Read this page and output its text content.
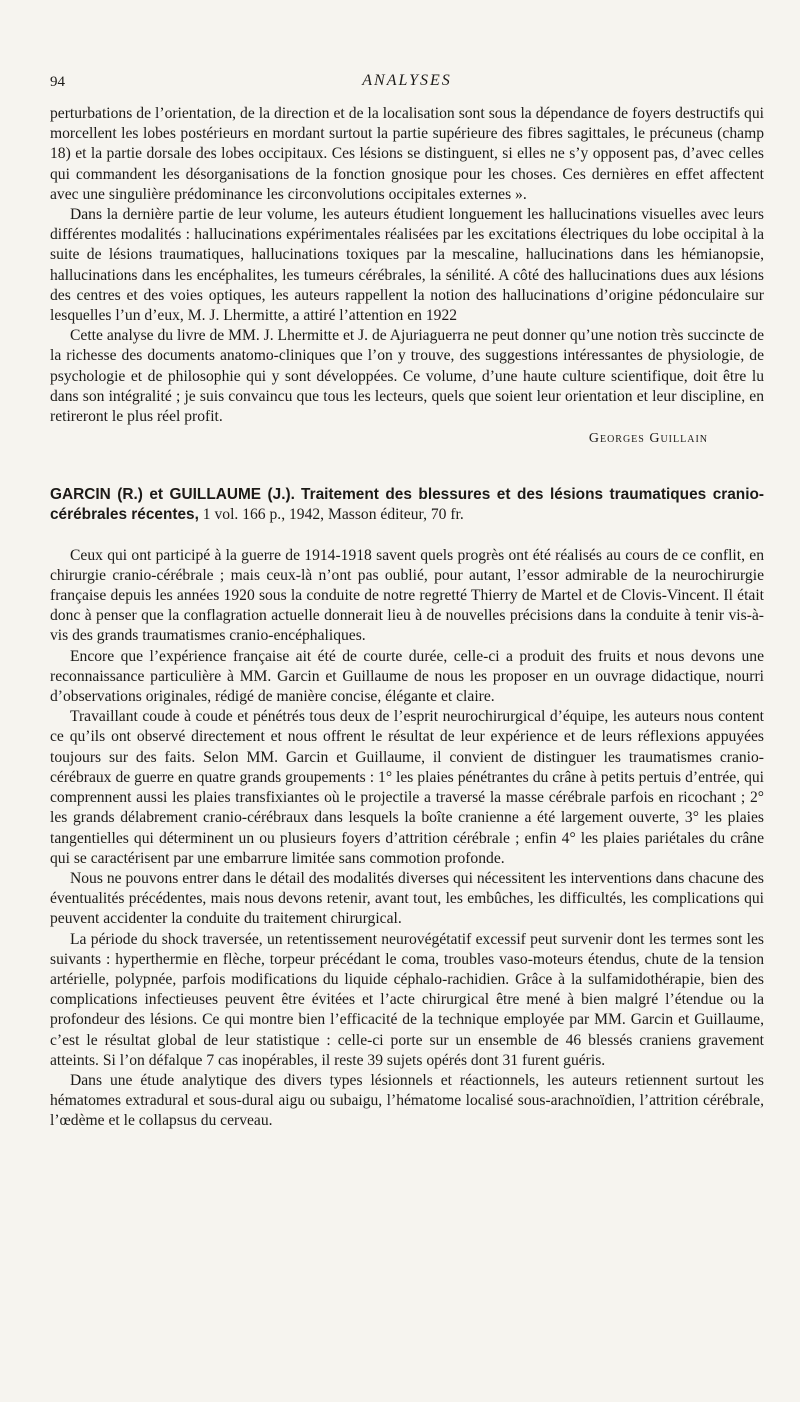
94	ANALYSES

perturbations de l’orientation, de la direction et de la localisation sont sous la dépendance de foyers destructifs qui morcellent les lobes postérieurs en mordant surtout la partie supérieure des fibres sagittales, le précuneus (champ 18) et la partie dorsale des lobes occipitaux. Ces lésions se distinguent, si elles ne s’y opposent pas, d’avec celles qui commandent les désorganisations de la fonction gnosique pour les choses. Ces dernières en effet affectent avec une singulière prédominance les circonvolutions occipitales externes ».

Dans la dernière partie de leur volume, les auteurs étudient longuement les hallucinations visuelles avec leurs différentes modalités : hallucinations expérimentales réalisées par les excitations électriques du lobe occipital à la suite de lésions traumatiques, hallucinations toxiques par la mescaline, hallucinations dans les hémianopsie, hallucinations dans les encéphalites, les tumeurs cérébrales, la sénilité. A côté des hallucinations dues aux lésions des centres et des voies optiques, les auteurs rappellent la notion des hallucinations d’origine pédonculaire sur lesquelles l’un d’eux, M. J. Lhermitte, a attiré l’attention en 1922

Cette analyse du livre de MM. J. Lhermitte et J. de Ajuriaguerra ne peut donner qu’une notion très succincte de la richesse des documents anatomo-cliniques que l’on y trouve, des suggestions intéressantes de physiologie, de psychologie et de philosophie qui y sont développées. Ce volume, d’une haute culture scientifique, doit être lu dans son intégralité ; je suis convaincu que tous les lecteurs, quels que soient leur orientation et leur discipline, en retireront le plus réel profit.

Georges Guillain

GARCIN (R.) et GUILLAUME (J.). Traitement des blessures et des lésions traumatiques cranio-cérébrales récentes, 1 vol. 166 p., 1942, Masson éditeur, 70 fr.

Ceux qui ont participé à la guerre de 1914-1918 savent quels progrès ont été réalisés au cours de ce conflit, en chirurgie cranio-cérébrale ; mais ceux-là n’ont pas oublié, pour autant, l’essor admirable de la neurochirurgie française depuis les années 1920 sous la conduite de notre regretté Thierry de Martel et de Clovis-Vincent. Il était donc à penser que la conflagration actuelle donnerait lieu à de nouvelles précisions dans la conduite à tenir vis-à-vis des grands traumatismes cranio-encéphaliques.

Encore que l’expérience française ait été de courte durée, celle-ci a produit des fruits et nous devons une reconnaissance particulière à MM. Garcin et Guillaume de nous les proposer en un ouvrage didactique, nourri d’observations originales, rédigé de manière concise, élégante et claire.

Travaillant coude à coude et pénétrés tous deux de l’esprit neurochirurgical d’équipe, les auteurs nous content ce qu’ils ont observé directement et nous offrent le résultat de leur expérience et de leurs réflexions appuyées toujours sur des faits. Selon MM. Garcin et Guillaume, il convient de distinguer les traumatismes cranio-cérébraux de guerre en quatre grands groupements : 1° les plaies pénétrantes du crâne à petits pertuis d’entrée, qui comprennent aussi les plaies transfixiantes où le projectile a traversé la masse cérébrale parfois en ricochant ; 2° les grands délabrement cranio-cérébraux dans lesquels la boîte cranienne a été largement ouverte, 3° les plaies tangentielles qui déterminent un ou plusieurs foyers d’attrition cérébrale ; enfin 4° les plaies pariétales du crâne qui se caractérisent par une embarrure limitée sans commotion profonde.

Nous ne pouvons entrer dans le détail des modalités diverses qui nécessitent les interventions dans chacune des éventualités précédentes, mais nous devons retenir, avant tout, les embûches, les difficultés, les complications qui peuvent accidenter la conduite du traitement chirurgical.

La période du shock traversée, un retentissement neurovégétatif excessif peut survenir dont les termes sont les suivants : hyperthermie en flèche, torpeur précédant le coma, troubles vaso-moteurs étendus, chute de la tension artérielle, polypnée, parfois modifications du liquide céphalo-rachidien. Grâce à la sulfamidothérapie, bien des complications infectieuses peuvent être évitées et l’acte chirurgical être mené à bien malgré l’étendue ou la profondeur des lésions. Ce qui montre bien l’efficacité de la technique employée par MM. Garcin et Guillaume, c’est le résultat global de leur statistique : celle-ci porte sur un ensemble de 46 blessés craniens gravement atteints. Si l’on défalque 7 cas inopérables, il reste 39 sujets opérés dont 31 furent guéris.

Dans une étude analytique des divers types lésionnels et réactionnels, les auteurs retiennent surtout les hématomes extradural et sous-dural aigu ou subaigu, l’hématome localisé sous-arachnoïdien, l’attrition cérébrale, l’œdème et le collapsus du cerveau.
